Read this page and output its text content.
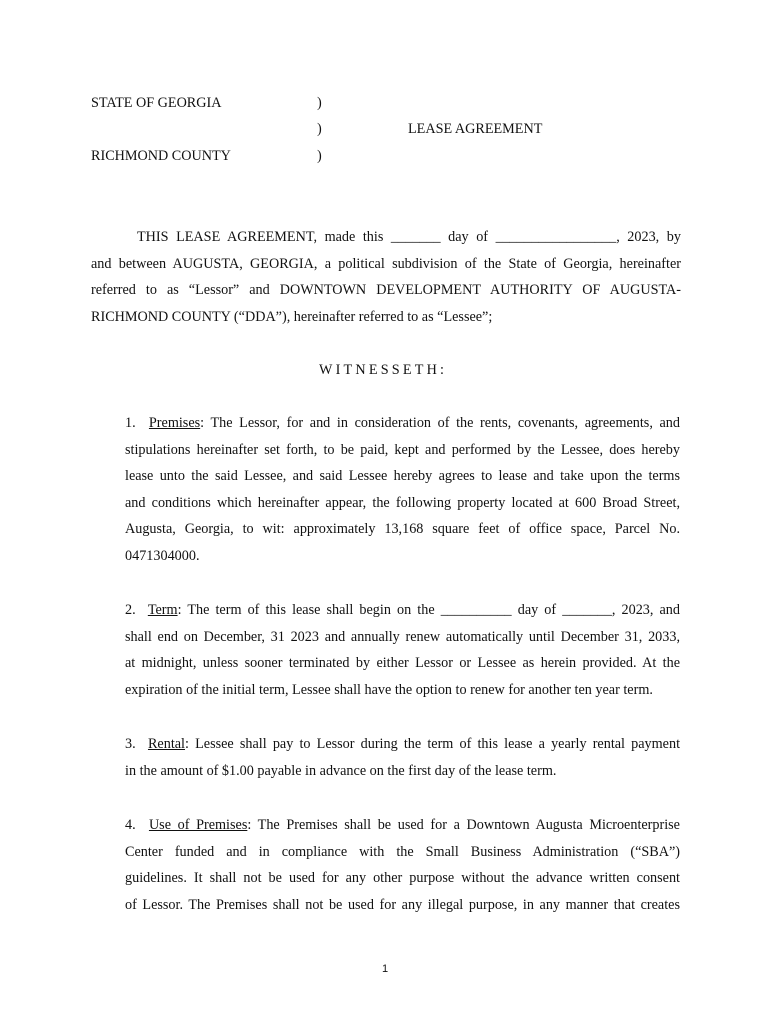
STATE OF GEORGIA	)
)	LEASE AGREEMENT
RICHMOND COUNTY	)
THIS LEASE AGREEMENT, made this _______ day of _________________, 2023, by
and between AUGUSTA, GEORGIA, a political subdivision of the State of Georgia, hereinafter
referred to as “Lessor” and DOWNTOWN DEVELOPMENT AUTHORITY OF AUGUSTA-
RICHMOND COUNTY (“DDA”), hereinafter referred to as “Lessee”;
WITNESSETH:
1. Premises: The Lessor, for and in consideration of the rents, covenants, agreements, and
stipulations hereinafter set forth, to be paid, kept and performed by the Lessee, does hereby
lease unto the said Lessee, and said Lessee hereby agrees to lease and take upon the terms
and conditions which hereinafter appear, the following property located at 600 Broad Street,
Augusta, Georgia, to wit: approximately 13,168 square feet of office space, Parcel No.
0471304000.
2. Term: The term of this lease shall begin on the __________ day of _______, 2023, and
shall end on December, 31 2023 and annually renew automatically until December 31, 2033,
at midnight, unless sooner terminated by either Lessor or Lessee as herein provided. At the
expiration of the initial term, Lessee shall have the option to renew for another ten year term.
3. Rental: Lessee shall pay to Lessor during the term of this lease a yearly rental payment
in the amount of $1.00 payable in advance on the first day of the lease term.
4. Use of Premises: The Premises shall be used for a Downtown Augusta Microenterprise
Center funded and in compliance with the Small Business Administration (“SBA”)
guidelines. It shall not be used for any other purpose without the advance written consent
of Lessor. The Premises shall not be used for any illegal purpose, in any manner that creates
1
